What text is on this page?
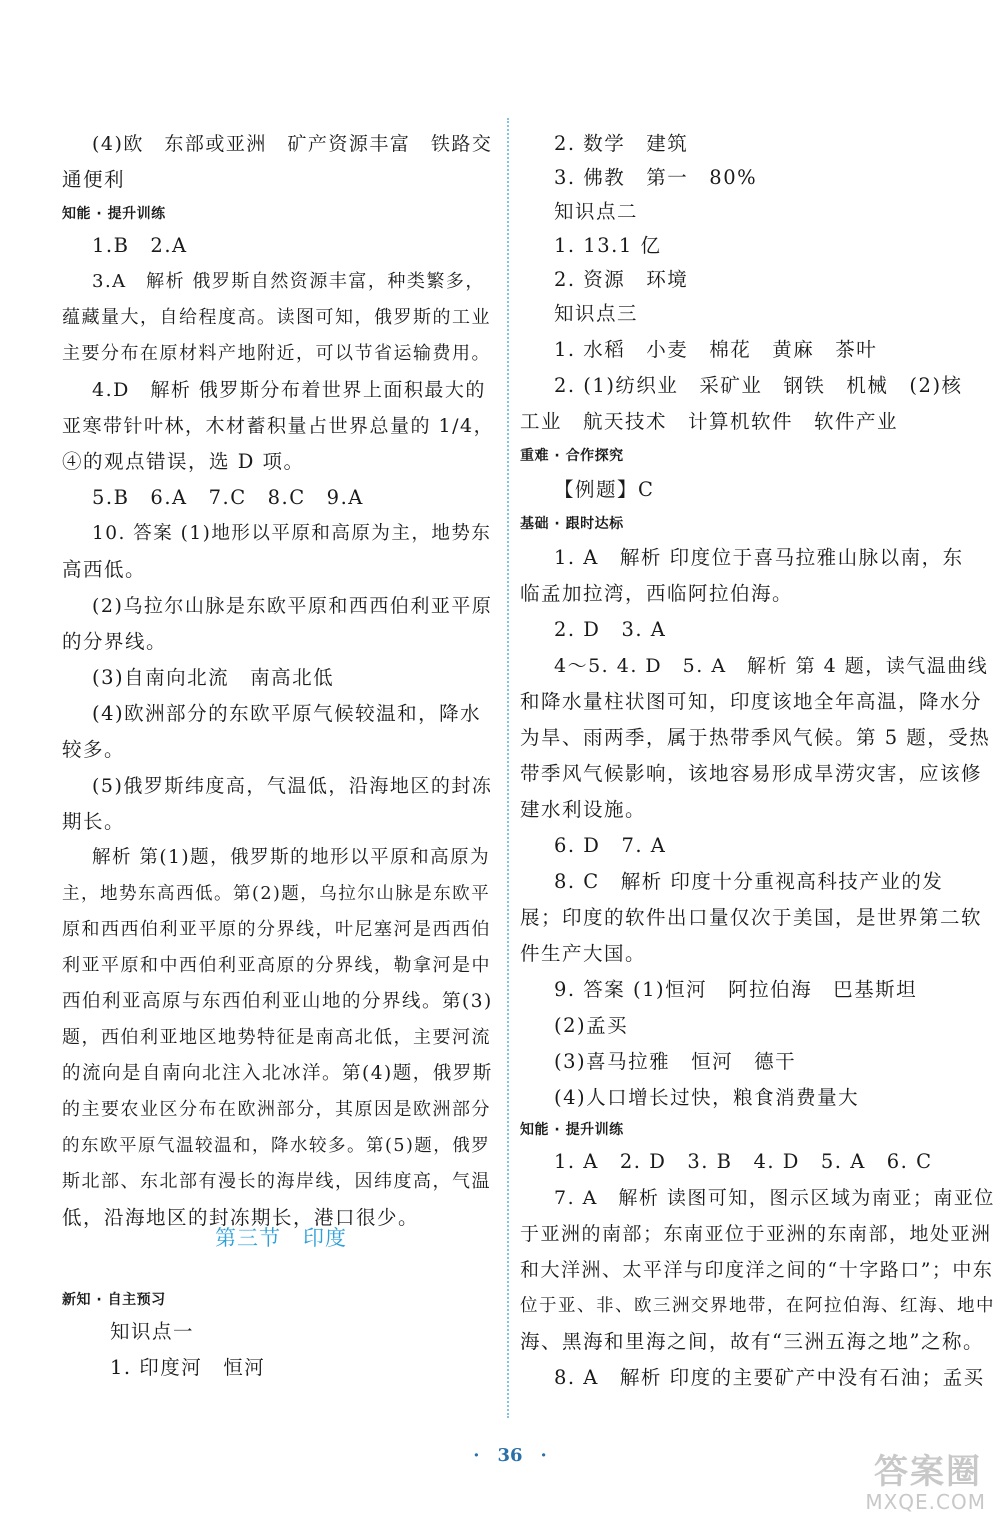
(4)欧　东部或亚洲　矿产资源丰富　铁路交
通便利
知能 · 提升训练
1.B　2.A
3.A　解析 俄罗斯自然资源丰富，种类繁多，
蕴藏量大，自给程度高。读图可知，俄罗斯的工业
主要分布在原材料产地附近，可以节省运输费用。
4.D　解析 俄罗斯分布着世界上面积最大的
亚寒带针叶林，木材蓄积量占世界总量的 1/4，
④的观点错误，选 D 项。
5.B　6.A　7.C　8.C　9.A
10. 答案 (1)地形以平原和高原为主，地势东
高西低。
(2)乌拉尔山脉是东欧平原和西西伯利亚平原
的分界线。
(3)自南向北流　南高北低
(4)欧洲部分的东欧平原气候较温和，降水
较多。
(5)俄罗斯纬度高，气温低，沿海地区的封冻
期长。
解析 第(1)题，俄罗斯的地形以平原和高原为
主，地势东高西低。第(2)题，乌拉尔山脉是东欧平
原和西西伯利亚平原的分界线，叶尼塞河是西西伯
利亚平原和中西伯利亚高原的分界线，勒拿河是中
西伯利亚高原与东西伯利亚山地的分界线。第(3)
题，西伯利亚地区地势特征是南高北低，主要河流
的流向是自南向北注入北冰洋。第(4)题，俄罗斯
的主要农业区分布在欧洲部分，其原因是欧洲部分
的东欧平原气温较温和，降水较多。第(5)题，俄罗
斯北部、东北部有漫长的海岸线，因纬度高，气温
低，沿海地区的封冻期长，港口很少。
第三节　印度
新知 · 自主预习
知识点一
1. 印度河　恒河
2. 数学　建筑
3. 佛教　第一　80%
知识点二
1. 13.1 亿
2. 资源　环境
知识点三
1. 水稻　小麦　棉花　黄麻　茶叶
2. (1)纺织业　采矿业　钢铁　机械　(2)核
工业　航天技术　计算机软件　软件产业
重难 · 合作探究
【例题】C
基础 · 跟时达标
1. A　解析 印度位于喜马拉雅山脉以南，东
临孟加拉湾，西临阿拉伯海。
2. D　3. A
4～5. 4. D　5. A　解析 第 4 题，读气温曲线
和降水量柱状图可知，印度该地全年高温，降水分
为旱、雨两季，属于热带季风气候。第 5 题，受热
带季风气候影响，该地容易形成旱涝灾害，应该修
建水利设施。
6. D　7. A
8. C　解析 印度十分重视高科技产业的发
展；印度的软件出口量仅次于美国，是世界第二软
件生产大国。
9. 答案 (1)恒河　阿拉伯海　巴基斯坦
(2)孟买
(3)喜马拉雅　恒河　德干
(4)人口增长过快，粮食消费量大
知能 · 提升训练
1. A　2. D　3. B　4. D　5. A　6. C
7. A　解析 读图可知，图示区域为南亚；南亚位
于亚洲的南部；东南亚位于亚洲的东南部，地处亚洲
和大洋洲、太平洋与印度洋之间的“十字路口”；中东
位于亚、非、欧三洲交界地带，在阿拉伯海、红海、地中
海、黑海和里海之间，故有“三洲五海之地”之称。
8. A　解析 印度的主要矿产中没有石油；孟买
·　36　·	答案圈
MXQE.COM
